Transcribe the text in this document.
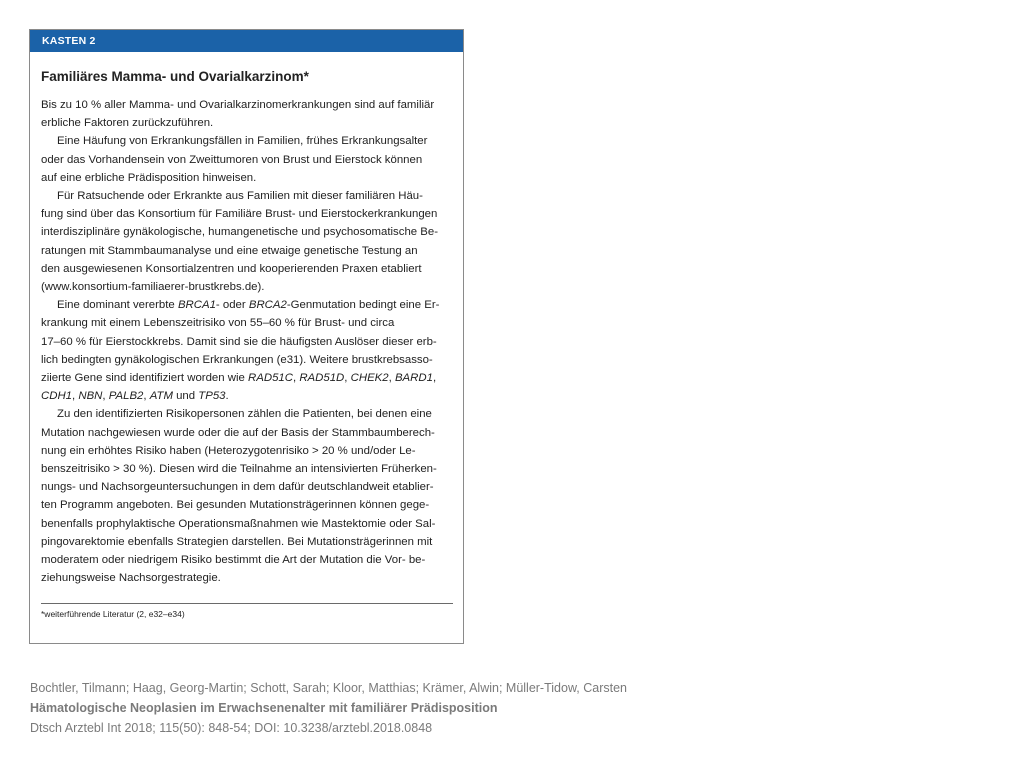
KASTEN 2
Familiäres Mamma- und Ovarialkarzinom*

Bis zu 10 % aller Mamma- und Ovarialkarzinomerkrankungen sind auf familiär
erbliche Faktoren zurückzuführen.

Eine Häufung von Erkrankungsfällen in Familien, frühes Erkrankungsalter
oder das Vorhandensein von Zweittumoren von Brust und Eierstock können
auf eine erbliche Prädisposition hinweisen.

Für Ratsuchende oder Erkrankte aus Familien mit dieser familiären Häu-
fung sind über das Konsortium für Familiäre Brust- und Eierstockerkrankungen
interdisziplinäre gynäkologische, humangenetische und psychosomatische Be-
ratungen mit Stammbaumanalyse und eine etwaige genetische Testung an
den ausgewiesenen Konsortialzentren und kooperierenden Praxen etabliert
(www.konsortium-familiaerer-brustkrebs.de).

Eine dominant vererbte BRCA1- oder BRCA2-Genmutation bedingt eine Er-
krankung mit einem Lebenszeitrisiko von 55–60 % für Brust- und circa
17–60 % für Eierstockkrebs. Damit sind sie die häufigsten Auslöser dieser erb-
lich bedingten gynäkologischen Erkrankungen (e31). Weitere brustkrebsasso-
ziierte Gene sind identifiziert worden wie RAD51C, RAD51D, CHEK2, BARD1,
CDH1, NBN, PALB2, ATM und TP53.

Zu den identifizierten Risikopersonen zählen die Patienten, bei denen eine
Mutation nachgewiesen wurde oder die auf der Basis der Stammbaumberech-
nung ein erhöhtes Risiko haben (Heterozygotenrisiko > 20 % und/oder Le-
benszeitrisiko > 30 %). Diesen wird die Teilnahme an intensivierten Früherken-
nungs- und Nachsorgeuntersuchungen in dem dafür deutschlandweit etablier-
ten Programm angeboten. Bei gesunden Mutationsträgerinnen können gege-
benenfalls prophylaktische Operationsmaßnahmen wie Mastektomie oder Sal-
pingovarektomie ebenfalls Strategien darstellen. Bei Mutationsträgerinnen mit
moderatem oder niedrigem Risiko bestimmt die Art der Mutation die Vor- be-
ziehungsweise Nachsorgestrategie.

*weiterführende Literatur (2, e32–e34)
Bochtler, Tilmann; Haag, Georg-Martin; Schott, Sarah; Kloor, Matthias; Krämer, Alwin; Müller-Tidow, Carsten
Hämatologische Neoplasien im Erwachsenenalter mit familiärer Prädisposition
Dtsch Arztebl Int 2018; 115(50): 848-54; DOI: 10.3238/arztebl.2018.0848
